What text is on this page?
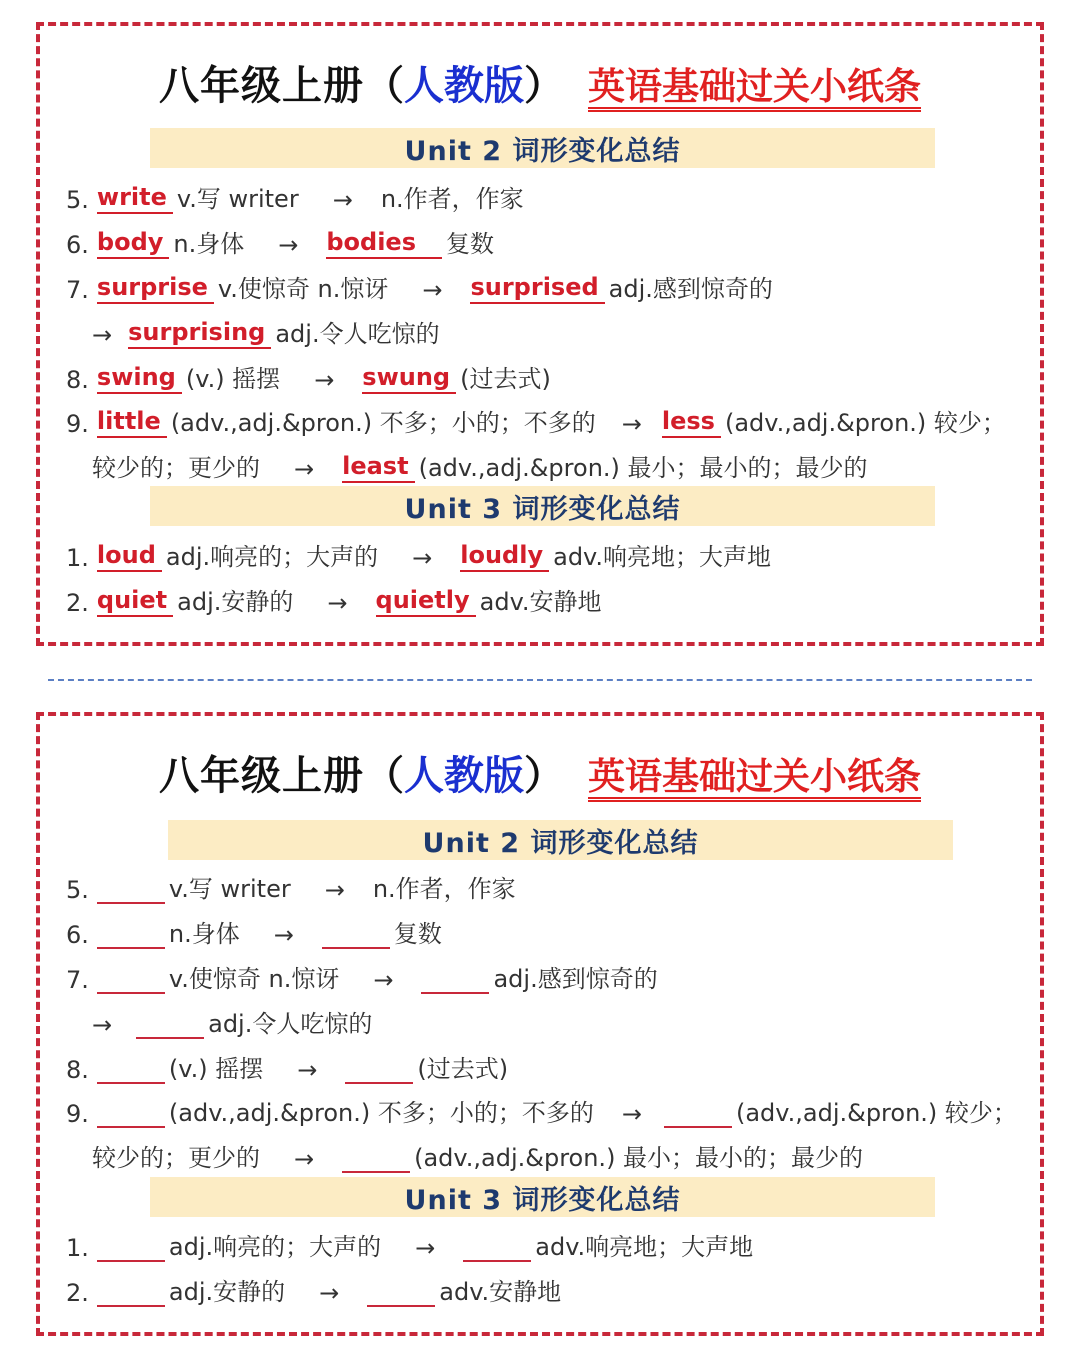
八年级上册 （ 人教版 ） 英语基础过关小纸条
Unit 2 词形变化总结
5. write v.写 writer → n.作者，作家
6. body n.身体 → bodies	复数
7. surprise v.使惊奇 n.惊讶 → surprised adj.感到惊奇的
→ surprising adj.令人吃惊的
8. swing (v.) 摇摆 → swung (过去式)
9. little (adv.,adj.&pron.) 不多；小的；不多的 → less (adv.,adj.&pron.) 较少；
较少的；更少的 → least (adv.,adj.&pron.) 最小；最小的；最少的
Unit 3 词形变化总结
1. loud adj.响亮的；大声的 → loudly adv.响亮地；大声地
2. quiet adj.安静的 → quietly adv.安静地
八年级上册 （ 人教版 ） 英语基础过关小纸条
Unit 2 词形变化总结
5.	v.写 writer → n.作者，作家
6.	n.身体 →	复数
7.	v.使惊奇 n.惊讶 →	adj.感到惊奇的
→	adj.令人吃惊的
8.	(v.) 摇摆 →	(过去式)
9.	(adv.,adj.&pron.) 不多；小的；不多的 →	(adv.,adj.&pron.) 较少；
较少的；更少的 →	(adv.,adj.&pron.) 最小；最小的；最少的
Unit 3 词形变化总结
1.	adj.响亮的；大声的 →	adv.响亮地；大声地
2.	adj.安静的 →	adv.安静地
